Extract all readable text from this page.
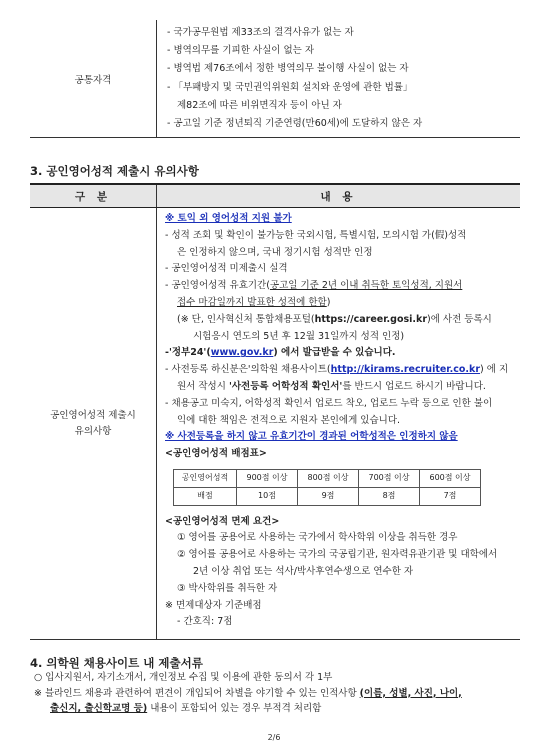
공통자격	
- 국가공무원법 제33조의 결격사유가 없는 자
- 병역의무를 기피한 사실이 없는 자
- 병역법 제76조에서 정한 병역의무 불이행 사실이 없는 자
- 「부패방지 및 국민권익위원회 설치와 운영에 관한 법률」
제82조에 따른 비위면직자 등이 아닌 자
- 공고일 기준 정년퇴직 기준연령(만60세)에 도달하지 않은 자
3. 공인영어성적 제출시 유의사항
구 분	내 용

공인영어성적 제출시
유의사항

※ 토익 외 영어성적 지원 불가
- 성적 조회 및 확인이 불가능한 국외시험, 특별시험, 모의시험 가(假)성적
은 인정하지 않으며, 국내 정기시험 성적만 인정
- 공인영어성적 미제출시 실격
- 공인영어성적 유효기간(공고일 기준 2년 이내 취득한 토익성적, 지원서
접수 마감일까지 발표한 성적에 한함)
(※ 단, 인사혁신처 통합채용포털(https://career.gosi.kr)에 사전 등록시
시험응시 연도의 5년 후 12월 31일까지 성적 인정)
-'정부24'(www.gov.kr) 에서 발급받을 수 있습니다.
- 사전등록 하신분은'의학원 채용사이트(http://kirams.recruiter.co.kr) 에 지
원서 작성시 '사전등록 어학성적 확인서'를 반드시 업로드 하시기 바랍니다.
- 채용공고 미숙지, 어학성적 확인서 업로드 착오, 업로드 누락 등으로 인한 불이
익에 대한 책임은 전적으로 지원자 본인에게 있습니다.
※ 사전등록을 하지 않고 유효기간이 경과된 어학성적은 인정하지 않음
<공인영어성적 배점표>
공인영어성적	900점 이상	800점 이상	700점 이상	600점 이상
배점	10점	9점	8점	7점
<공인영어성적 면제 요건>
① 영어를 공용어로 사용하는 국가에서 학사학위 이상을 취득한 경우
② 영어를 공용어로 사용하는 국가의 국공립기관, 원자력유관기관 및 대학에서
2년 이상 취업 또는 석사/박사후연수생으로 연수한 자
③ 박사학위를 취득한 자
※ 면제대상자 기준배점
- 간호직: 7점
4. 의학원 채용사이트 내 제출서류
○ 입사지원서, 자기소개서, 개인정보 수집 및 이용에 관한 동의서 각 1부
※ 블라인드 채용과 관련하여 편견이 개입되어 차별을 야기할 수 있는 인적사항 (이름, 성별, 사진, 나이,
출신지, 출신학교명 등) 내용이 포함되어 있는 경우 부적격 처리함
2/6
